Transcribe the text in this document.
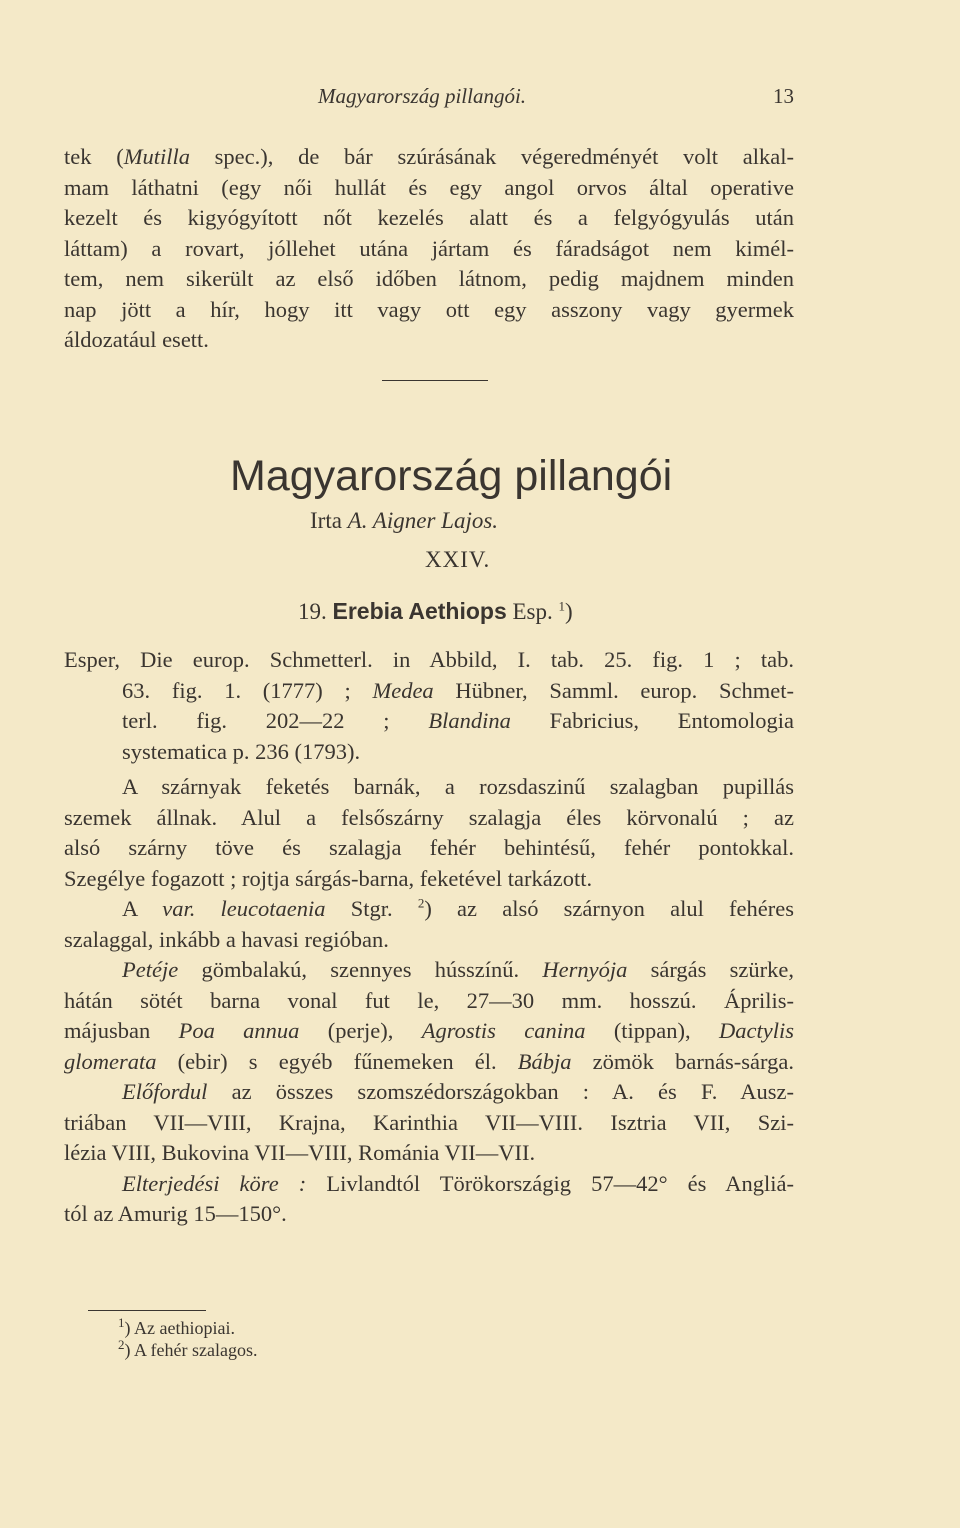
Magyarország pillangói.	13
tek (Mutilla spec.), de bár szúrásának végeredményét volt alkal-
mam láthatni (egy női hullát és egy angol orvos által operative
kezelt és kigyógyított nőt kezelés alatt és a felgyógyulás után
láttam) a rovart, jóllehet utána jártam és fáradságot nem kimél-
tem, nem sikerült az első időben látnom, pedig majdnem minden
nap jött a hír, hogy itt vagy ott egy asszony vagy gyermek
áldozatául esett.
Magyarország pillangói
Irta A. Aigner Lajos.
XXIV.
19. Erebia Aethiops Esp. $^1$)
Esper, Die europ. Schmetterl. in Abbild, I. tab. 25. fig. 1 ; tab.
63. fig. 1. (1777) ; Medea Hübner, Samml. europ. Schmet-
terl. fig. 202—22 ; Blandina Fabricius, Entomologia
systematica p. 236 (1793).
A szárnyak feketés barnák, a rozsdaszinű szalagban pupillás
szemek állnak. Alul a felsőszárny szalagja éles körvonalú ; az
alsó szárny töve és szalagja fehér behintésű, fehér pontokkal.
Szegélye fogazott ; rojtja sárgás-barna, feketével tarkázott.
A var. leucotaenia Stgr. $^2$) az alsó szárnyon alul fehéres
szalaggal, inkább a havasi regióban.
Petéje gömbalakú, szennyes hússzínű. Hernyója sárgás szürke,
hátán sötét barna vonal fut le, 27—30 mm. hosszú. Április-
májusban Poa annua (perje), Agrostis canina (tippan), Dactylis
glomerata (ebir) s egyéb fűnemeken él. Bábja zömök barnás-sárga.
Előfordul az összes szomszédországokban : A. és F. Ausz-
triában VII—VIII, Krajna, Karinthia VII—VIII. Isztria VII, Szi-
lézia VIII, Bukovina VII—VIII, Románia VII—VII.
Elterjedési köre : Livlandtól Törökországig 57—42° és Angliá-
tól az Amurig 15—150°.
$^1$) Az aethiopiai.
$^2$) A fehér szalagos.
